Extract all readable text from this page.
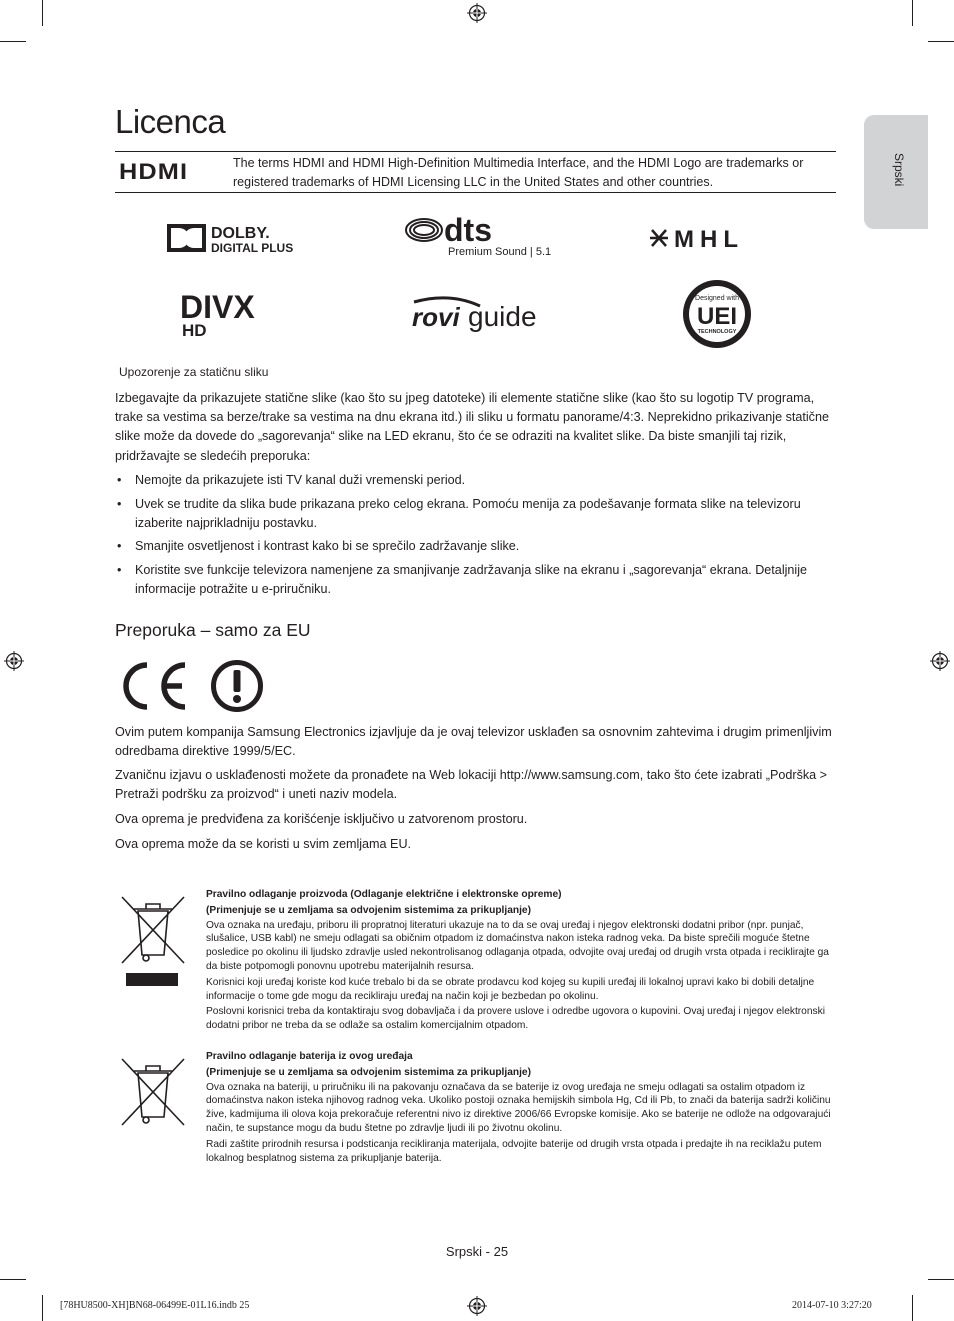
Srpski
Licenca
HDMI	The terms HDMI and HDMI High-Definition Multimedia Interface, and the HDMI Logo are trademarks or registered trademarks of HDMI Licensing LLC in the United States and other countries.
DOLBY.
DIGITAL PLUS	dts
Premium Sound | 5.1	MHL
DIVX
HD	rovi guide
Designed with
UEI
TECHNOLOGY
Upozorenje za statičnu sliku
Izbegavajte da prikazujete statične slike (kao što su jpeg datoteke) ili elemente statične slike (kao što su logotip TV programa, trake sa vestima sa berze/trake sa vestima na dnu ekrana itd.) ili sliku u formatu panorame/4:3. Neprekidno prikazivanje statične slike može da dovede do „sagorevanja“ slike na LED ekranu, što će se odraziti na kvalitet slike. Da biste smanjili taj rizik, pridržavajte se sledećih preporuka:
• Nemojte da prikazujete isti TV kanal duži vremenski period.
• Uvek se trudite da slika bude prikazana preko celog ekrana. Pomoću menija za podešavanje formata slike na televizoru izaberite najprikladniju postavku.
• Smanjite osvetljenost i kontrast kako bi se sprečilo zadržavanje slike.
• Koristite sve funkcije televizora namenjene za smanjivanje zadržavanja slike na ekranu i „sagorevanja“ ekrana. Detaljnije informacije potražite u e-priručniku.
Preporuka – samo za EU
Ovim putem kompanija Samsung Electronics izjavljuje da je ovaj televizor usklađen sa osnovnim zahtevima i drugim primenljivim odredbama direktive 1999/5/EC.
Zvaničnu izjavu o usklađenosti možete da pronađete na Web lokaciji http://www.samsung.com, tako što ćete izabrati „Podrška > Pretraži podršku za proizvod“ i uneti naziv modela.
Ova oprema je predviđena za korišćenje isključivo u zatvorenom prostoru.
Ova oprema može da se koristi u svim zemljama EU.
Pravilno odlaganje proizvoda (Odlaganje električne i elektronske opreme)
(Primenjuje se u zemljama sa odvojenim sistemima za prikupljanje)
Ova oznaka na uređaju, priboru ili propratnoj literaturi ukazuje na to da se ovaj uređaj i njegov elektronski dodatni pribor (npr. punjač, slušalice, USB kabl) ne smeju odlagati sa običnim otpadom iz domaćinstva nakon isteka radnog veka. Da biste sprečili moguće štetne posledice po okolinu ili ljudsko zdravlje usled nekontrolisanog odlaganja otpada, odvojite ovaj uređaj od drugih vrsta otpada i reciklirajte ga da biste potpomogli ponovnu upotrebu materijalnih resursa.
Korisnici koji uređaj koriste kod kuće trebalo bi da se obrate prodavcu kod kojeg su kupili uređaj ili lokalnoj upravi kako bi dobili detaljne informacije o tome gde mogu da recikliraju uređaj na način koji je bezbedan po okolinu.
Poslovni korisnici treba da kontaktiraju svog dobavljača i da provere uslove i odredbe ugovora o kupovini. Ovaj uređaj i njegov elektronski dodatni pribor ne treba da se odlaže sa ostalim komercijalnim otpadom.
Pravilno odlaganje baterija iz ovog uređaja
(Primenjuje se u zemljama sa odvojenim sistemima za prikupljanje)
Ova oznaka na bateriji, u priručniku ili na pakovanju označava da se baterije iz ovog uređaja ne smeju odlagati sa ostalim otpadom iz domaćinstva nakon isteka njihovog radnog veka. Ukoliko postoji oznaka hemijskih simbola Hg, Cd ili Pb, to znači da baterija sadrži količinu žive, kadmijuma ili olova koja prekoračuje referentni nivo iz direktive 2006/66 Evropske komisije. Ako se baterije ne odlože na odgovarajući način, te supstance mogu da budu štetne po zdravlje ljudi ili po životnu okolinu.
Radi zaštite prirodnih resursa i podsticanja recikliranja materijala, odvojite baterije od drugih vrsta otpada i predajte ih na reciklažu putem lokalnog besplatnog sistema za prikupljanje baterija.
Srpski - 25
[78HU8500-XH]BN68-06499E-01L16.indb 25	2014-07-10 3:27:20
